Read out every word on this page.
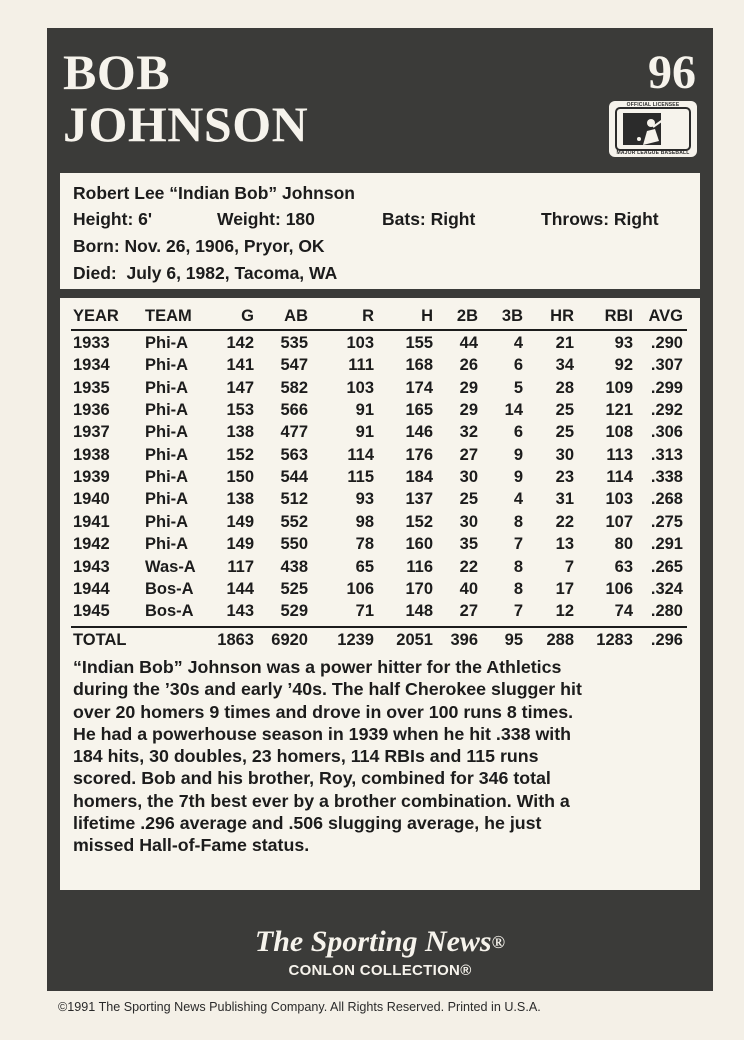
BOB
JOHNSON
96
OFFICIAL LICENSEE
MAJOR LEAGUE BASEBALL
Robert Lee “Indian Bob” Johnson
Height: 6'	Weight: 180	Bats: Right	Throws: Right
Born: Nov. 26, 1906, Pryor, OK
Died:  July 6, 1982, Tacoma, WA
YEAR TEAM	G AB	R	H 2B 3B HR RBI AVG
1933 Phi-A 142 535 103 155 44 4 21 93 .290
1934 Phi-A 141 547 111 168 26 6 34 92 .307
1935 Phi-A 147 582 103 174 29 5 28 109 .299
1936 Phi-A 153 566	91 165 29 14 25 121 .292
1937 Phi-A 138 477	91 146 32 6 25 108 .306
1938 Phi-A 152 563 114 176 27 9 30 113 .313
1939 Phi-A 150 544 115 184 30 9 23 114 .338
1940 Phi-A 138 512	93 137 25 4 31 103 .268
1941 Phi-A 149 552	98 152 30 8 22 107 .275
1942 Phi-A 149 550	78 160 35 7 13 80 .291
1943 Was-A 117 438	65 116 22 8	7 63 .265
1944 Bos-A 144 525 106 170 40 8 17 106 .324
1945 Bos-A 143 529	71 148 27 7 12 74 .280
TOTAL	1863 6920 1239 2051 396 95 288 1283 .296
“Indian Bob” Johnson was a power hitter for the Athletics
during the ’30s and early ’40s. The half Cherokee slugger hit
over 20 homers 9 times and drove in over 100 runs 8 times.
He had a powerhouse season in 1939 when he hit .338 with
184 hits, 30 doubles, 23 homers, 114 RBIs and 115 runs
scored. Bob and his brother, Roy, combined for 346 total
homers, the 7th best ever by a brother combination. With a
lifetime .296 average and .506 slugging average, he just
missed Hall-of-Fame status.
The Sporting News®
CONLON COLLECTION®
©1991 The Sporting News Publishing Company. All Rights Reserved. Printed in U.S.A.
